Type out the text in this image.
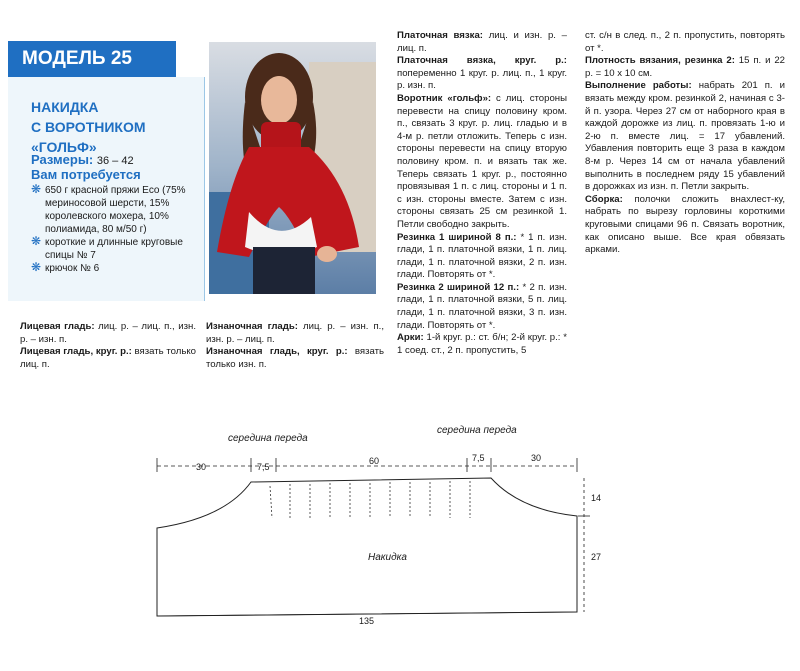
МОДЕЛЬ 25
НАКИДКА
С ВОРОТНИКОМ «ГОЛЬФ»
Размеры: 36 – 42
Вам потребуется
❋ 650 г красной пряжи Eco (75% мериносовой шерсти, 15% королевского мохера, 10% полиамида, 80 м/50 г)
❋ короткие и длинные круговые спицы № 7
❋ крючок № 6
Лицевая гладь: лиц. р. – лиц. п., изн. р. – изн. п.
Лицевая гладь, круг. р.: вязать только лиц. п.
Изнаночная гладь: лиц. р. – изн. п., изн. р. – лиц. п.
Изнаночная гладь, круг. р.: вязать только изн. п.
Платочная вязка: лиц. и изн. р. – лиц. п.
Платочная вязка, круг. р.: попеременно 1 круг. р. лиц. п., 1 круг. р. изн. п.
Воротник «гольф»: с лиц. стороны перевести на спицу половину кром. п., связать 3 круг. р. лиц. гладью и в 4-м р. петли отложить. Теперь с изн. стороны перевести на спицу вторую половину кром. п. и вязать так же. Теперь связать 1 круг. р., постоянно провязывая 1 п. с лиц. стороны и 1 п. с изн. стороны вместе. Затем с изн. стороны связать 25 см резинкой 1. Петли свободно закрыть.
Резинка 1 шириной 8 п.: * 1 п. изн. глади, 1 п. платочной вязки, 1 п. лиц. глади, 1 п. платочной вязки, 2 п. изн. глади. Повторять от *.
Резинка 2 шириной 12 п.: * 2 п. изн. глади, 1 п. платочной вязки, 5 п. лиц. глади, 1 п. платочной вязки, 3 п. изн. глади. Повторять от *.
Арки: 1-й круг. р.: ст. б/н; 2-й круг. р.: * 1 соед. ст., 2 п. пропустить, 5
ст. с/н в след. п., 2 п. пропустить, повторять от *.
Плотность вязания, резинка 2: 15 п. и 22 р. = 10 х 10 см.
Выполнение работы: набрать 201 п. и вязать между кром. резинкой 2, начиная с 3-й п. узора. Через 27 см от наборного края в каждой дорожке из лиц. п. провязать 1-ю и 2-ю п. вместе лиц. = 17 убавлений. Убавления повторить еще 3 раза в каждом 8-м р. Через 14 см от начала убавлений выполнить в последнем ряду 15 убавлений в дорожках из изн. п. Петли закрыть.
Сборка: полочки сложить внахлест-ку, набрать по вырезу горловины короткими круговыми спицами 96 п. Связать воротник, как описано выше. Все края обвязать арками.
середина переда
середина переда
30	7,5
60	7,5	30
14
27
Накидка
135
